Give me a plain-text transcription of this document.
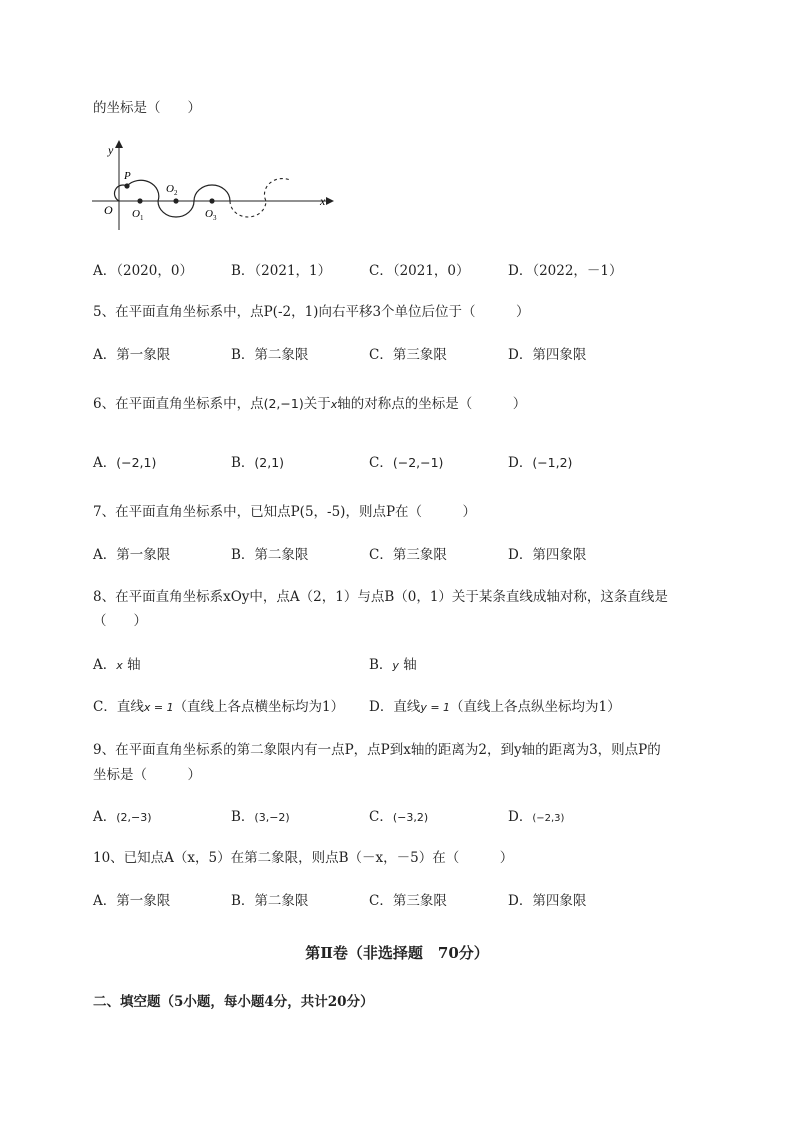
的坐标是（　　）
y
x
O
P
O 1
O 2
O 3
A．（2020，0）	B．（2021，1）	C．（2021，0）	D．（2022，－1）
5、在平面直角坐标系中，点P(-2，1)向右平移3个单位后位于（　　　）
A．第一象限	B．第二象限	C．第三象限	D．第四象限
6、在平面直角坐标系中，点(2,−1)关于x轴的对称点的坐标是（　　　）
A．(−2,1)	B．(2,1)	C．(−2,−1)	D．(−1,2)
7、在平面直角坐标系中，已知点P(5，-5)，则点P在（　　　）
A．第一象限	B．第二象限	C．第三象限	D．第四象限
8、在平面直角坐标系xOy中，点A（2，1）与点B（0，1）关于某条直线成轴对称，这条直线是
（　　）
A．x 轴	B．y 轴
C．直线x = 1（直线上各点横坐标均为1） D．直线y = 1（直线上各点纵坐标均为1）
9、在平面直角坐标系的第二象限内有一点P，点P到x轴的距离为2，到y轴的距离为3，则点P的
坐标是（　　　）
A．(2,−3)	B．(3,−2)	C．(−3,2)	D．(−2,3)
10、已知点A（x，5）在第二象限，则点B（－x，－5）在（　　　）
A．第一象限	B．第二象限	C．第三象限	D．第四象限
第Ⅱ卷（非选择题　70分）
二、填空题（5小题，每小题4分，共计20分）
